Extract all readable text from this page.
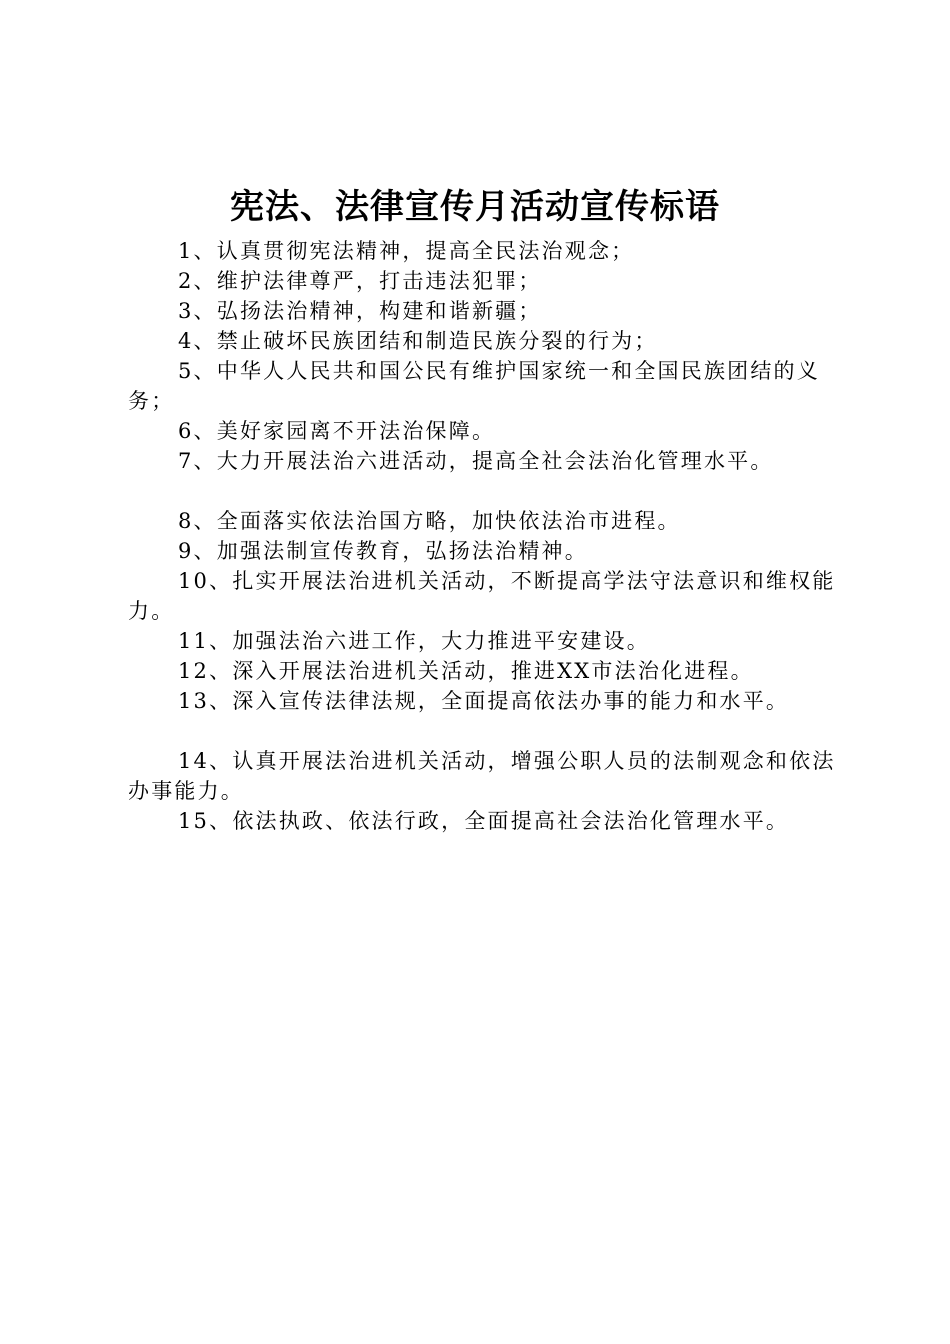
宪法、法律宣传月活动宣传标语
1、认真贯彻宪法精神，提高全民法治观念；
2、维护法律尊严，打击违法犯罪；
3、弘扬法治精神，构建和谐新疆；
4、禁止破坏民族团结和制造民族分裂的行为；
5、中华人人民共和国公民有维护国家统一和全国民族团结的义务；
6、美好家园离不开法治保障。
7、大力开展法治六进活动，提高全社会法治化管理水平。
8、全面落实依法治国方略，加快依法治市进程。
9、加强法制宣传教育，弘扬法治精神。
10、扎实开展法治进机关活动，不断提高学法守法意识和维权能力。
11、加强法治六进工作，大力推进平安建设。
12、深入开展法治进机关活动，推进XX市法治化进程。
13、深入宣传法律法规，全面提高依法办事的能力和水平。
14、认真开展法治进机关活动，增强公职人员的法制观念和依法办事能力。
15、依法执政、依法行政，全面提高社会法治化管理水平。
